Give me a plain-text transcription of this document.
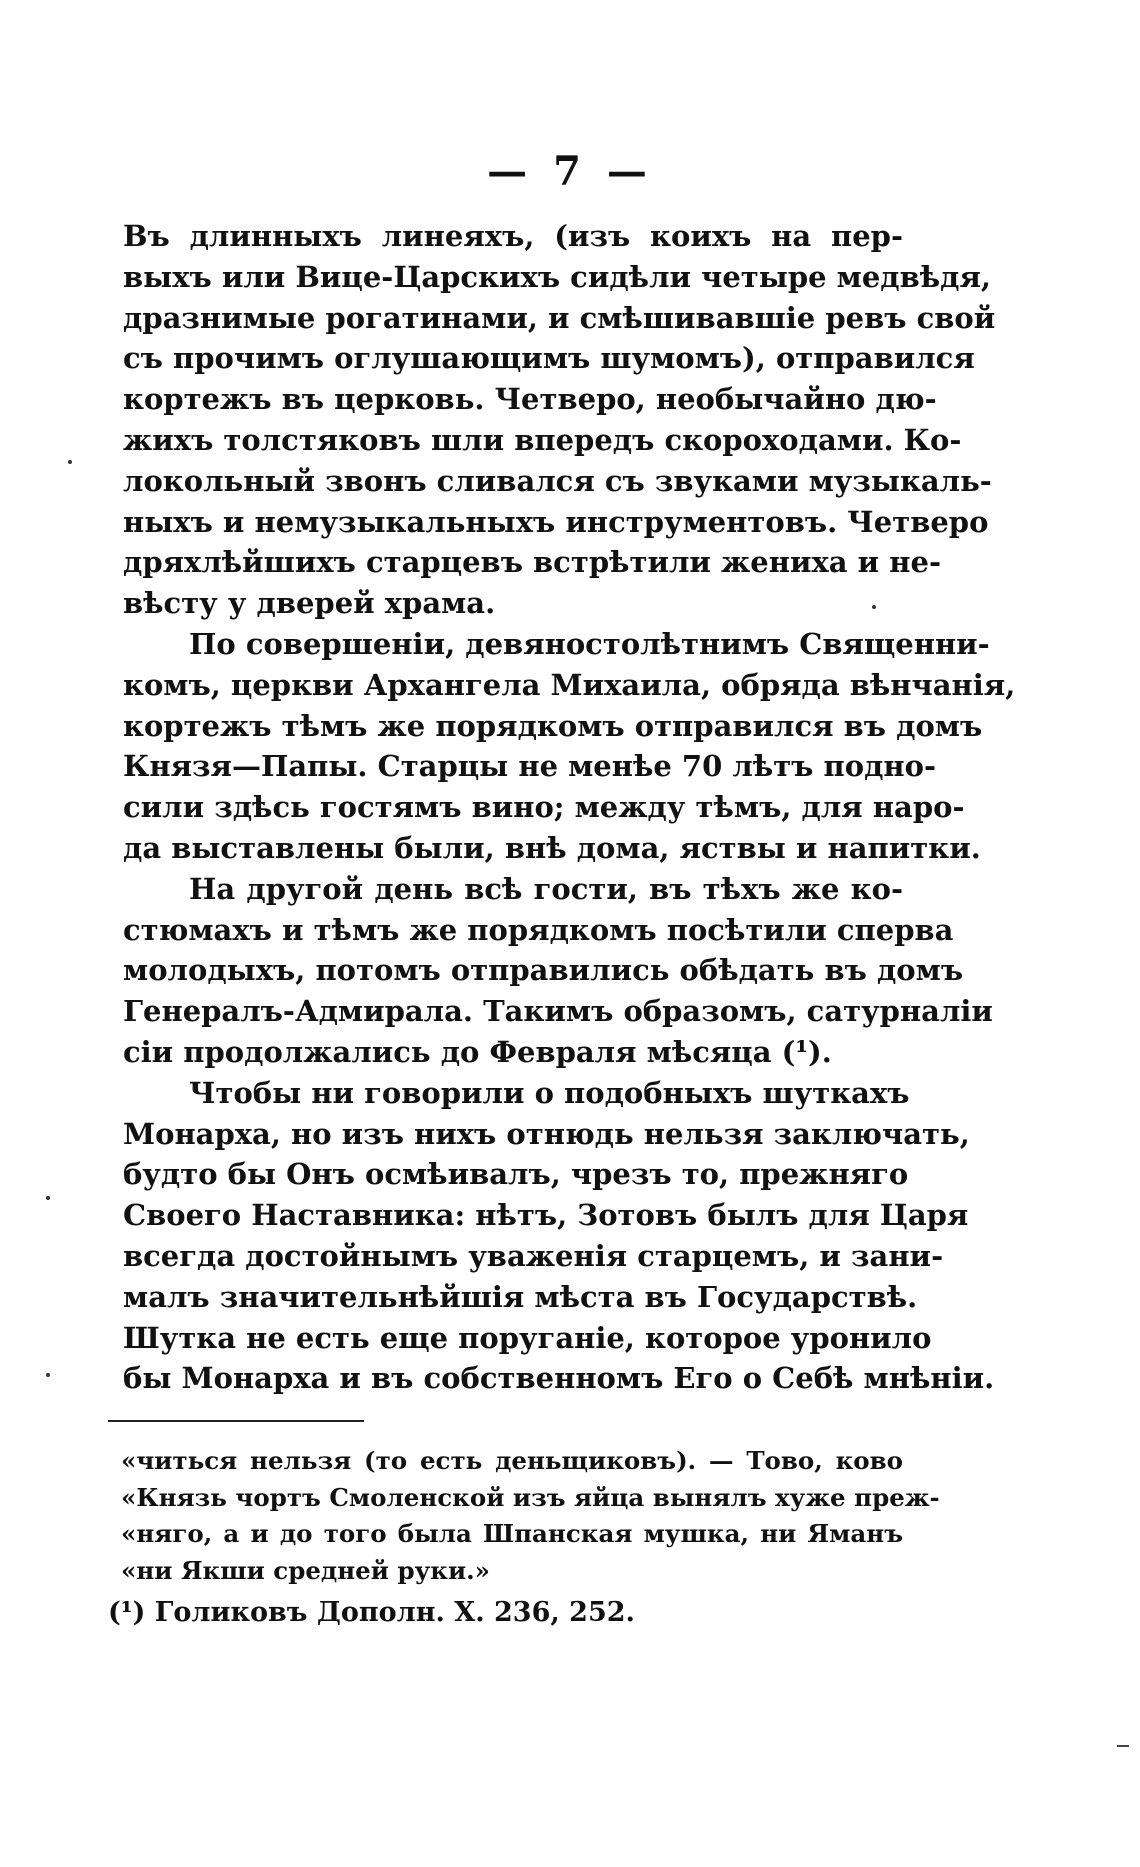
— 7 —
Въ длинныхъ линеяхъ, (изъ коихъ на пер-
выхъ или Вице-Царскихъ сидѣли четыре медвѣдя,
дразнимые рогатинами, и смѣшивавшіе ревъ свой
съ прочимъ оглушающимъ шумомъ), отправился
кортежъ въ церковь. Четверо, необычайно дю-
жихъ толстяковъ шли впередъ скороходами. Ко-
локольный звонъ сливался съ звуками музыкаль-
ныхъ и немузыкальныхъ инструментовъ. Четверо
дряхлѣйшихъ старцевъ встрѣтили жениха и не-
вѣсту у дверей храма.
По совершеніи, девяностолѣтнимъ Священни-
комъ, церкви Архангела Михаила, обряда вѣнчанія,
кортежъ тѣмъ же порядкомъ отправился въ домъ
Князя—Папы. Старцы не менѣе 70 лѣтъ подно-
сили здѣсь гостямъ вино; между тѣмъ, для наро-
да выставлены были, внѣ дома, яствы и напитки.
На другой день всѣ гости, въ тѣхъ же ко-
стюмахъ и тѣмъ же порядкомъ посѣтили сперва
молодыхъ, потомъ отправились обѣдать въ домъ
Генералъ-Адмирала. Такимъ образомъ, сатурналіи
сіи продолжались до Февраля мѣсяца (¹).
Чтобы ни говорили о подобныхъ шуткахъ
Монарха, но изъ нихъ отнюдь нельзя заключать,
будто бы Онъ осмѣивалъ, чрезъ то, прежняго
Своего Наставника: нѣтъ, Зотовъ былъ для Царя
всегда достойнымъ уваженія старцемъ, и зани-
малъ значительнѣйшія мѣста въ Государствѣ.
Шутка не есть еще поруганіе, которое уронило
бы Монарха и въ собственномъ Его о Себѣ мнѣніи.
«читься нельзя (то есть деньщиковъ). — Тово, ково
«Князь чортъ Смоленской изъ яйца вынялъ хуже преж-
«няго, а и до того была Шпанская мушка, ни Яманъ
«ни Якши средней руки.»
(¹) Голиковъ Дополн. X. 236, 252.
